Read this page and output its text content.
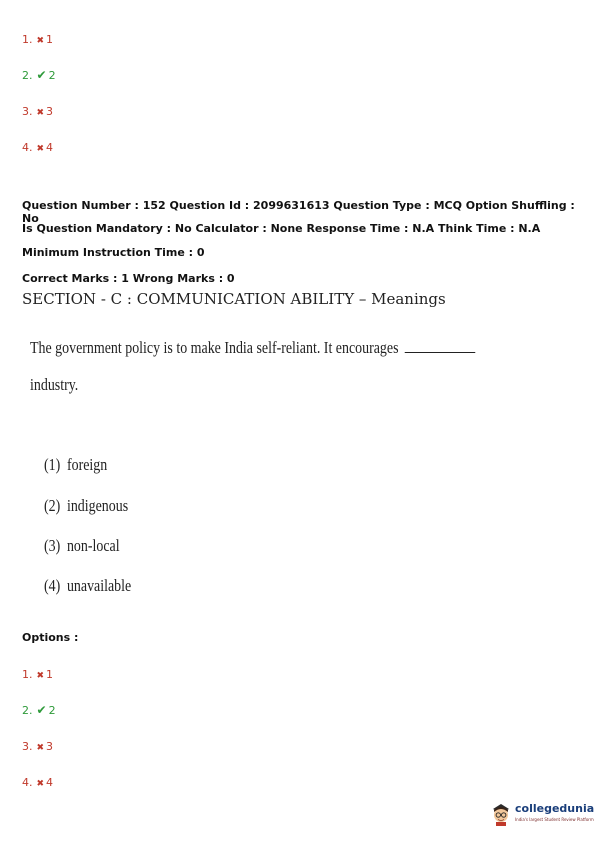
1. ✖ 1
2. ✔ 2
3. ✖ 3
4. ✖ 4
Question Number : 152 Question Id : 2099631613 Question Type : MCQ Option Shuffling : No
Is Question Mandatory : No Calculator : None Response Time : N.A Think Time : N.A
Minimum Instruction Time : 0
Correct Marks : 1 Wrong Marks : 0
SECTION - C : COMMUNICATION ABILITY – Meanings
The government policy is to make India self-reliant. It encourages
industry.
(1) foreign
(2) indigenous
(3) non-local
(4) unavailable
Options :
1. ✖ 1
2. ✔ 2
3. ✖ 3
4. ✖ 4
collegedunia
India's largest Student Review Platform
